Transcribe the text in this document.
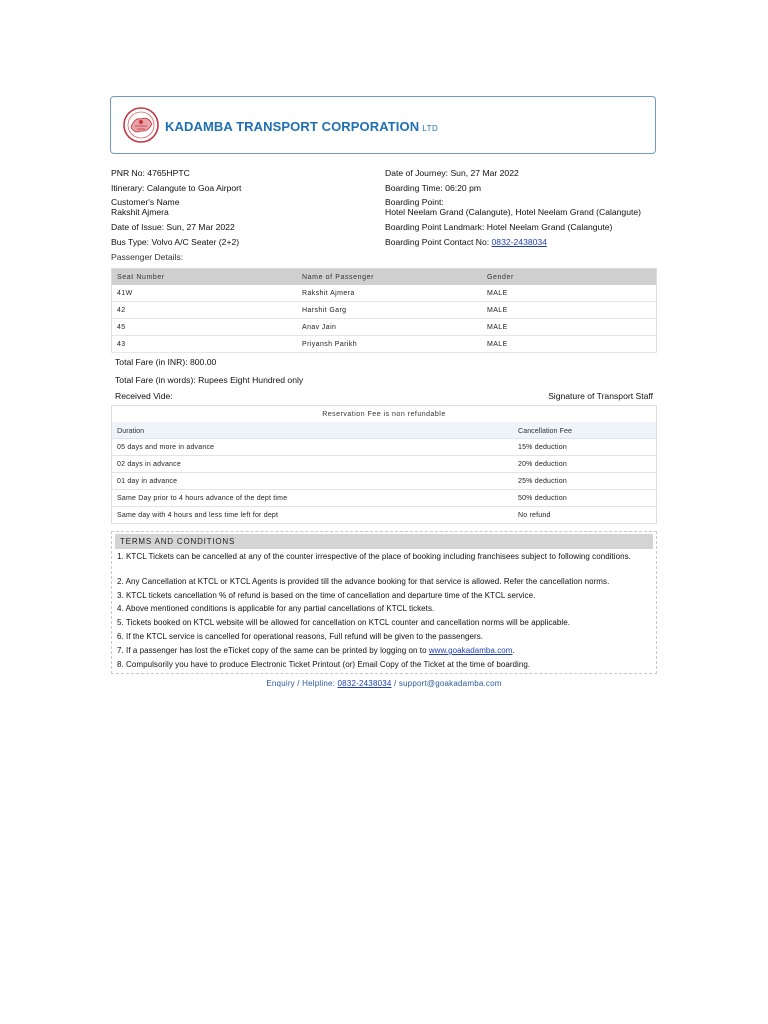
KADAMBA TRANSPORT CORPORATION LTD
PNR No: 4765HPTC
Itinerary: Calangute to Goa Airport
Customer's Name
Rakshit Ajmera
Date of Issue: Sun, 27 Mar 2022
Bus Type: Volvo A/C Seater (2+2)
Date of Journey: Sun, 27 Mar 2022
Boarding Time: 06:20 pm
Boarding Point:
Hotel Neelam Grand (Calangute), Hotel Neelam Grand (Calangute)
Boarding Point Landmark: Hotel Neelam Grand (Calangute)
Boarding Point Contact No: 0832-2438034
Passenger Details:
Seat Number	Name of Passenger	Gender
41W	Rakshit Ajmera	MALE
42	Harshit Garg	MALE
45	Anav Jain	MALE
43	Priyansh Parikh	MALE
Total Fare (in INR): 800.00
Total Fare (in words): Rupees Eight Hundred only
Received Vide:	Signature of Transport Staff
Reservation Fee is non refundable	
Duration	Cancellation Fee
05 days and more in advance	15% deduction
02 days in advance	20% deduction
01 day in advance	25% deduction
Same Day prior to 4 hours advance of the dept time	50% deduction
Same day with 4 hours and less time left for dept	No refund
TERMS AND CONDITIONS
1. KTCL Tickets can be cancelled at any of the counter irrespective of the place of booking including franchisees subject to following conditions.
2. Any Cancellation at KTCL or KTCL Agents is provided till the advance booking for that service is allowed. Refer the cancellation norms.
3. KTCL tickets cancellation % of refund is based on the time of cancellation and departure time of the KTCL service.
4. Above mentioned conditions is applicable for any partial cancellations of KTCL tickets.
5. Tickets booked on KTCL website will be allowed for cancellation on KTCL counter and cancellation norms will be applicable.
6. If the KTCL service is cancelled for operational reasons, Full refund will be given to the passengers.
7. If a passenger has lost the eTicket copy of the same can be printed by logging on to www.goakadamba.com.
8. Compulsorily you have to produce Electronic Ticket Printout (or) Email Copy of the Ticket at the time of boarding.
Enquiry / Helpline: 0832-2438034 / support@goakadamba.com
